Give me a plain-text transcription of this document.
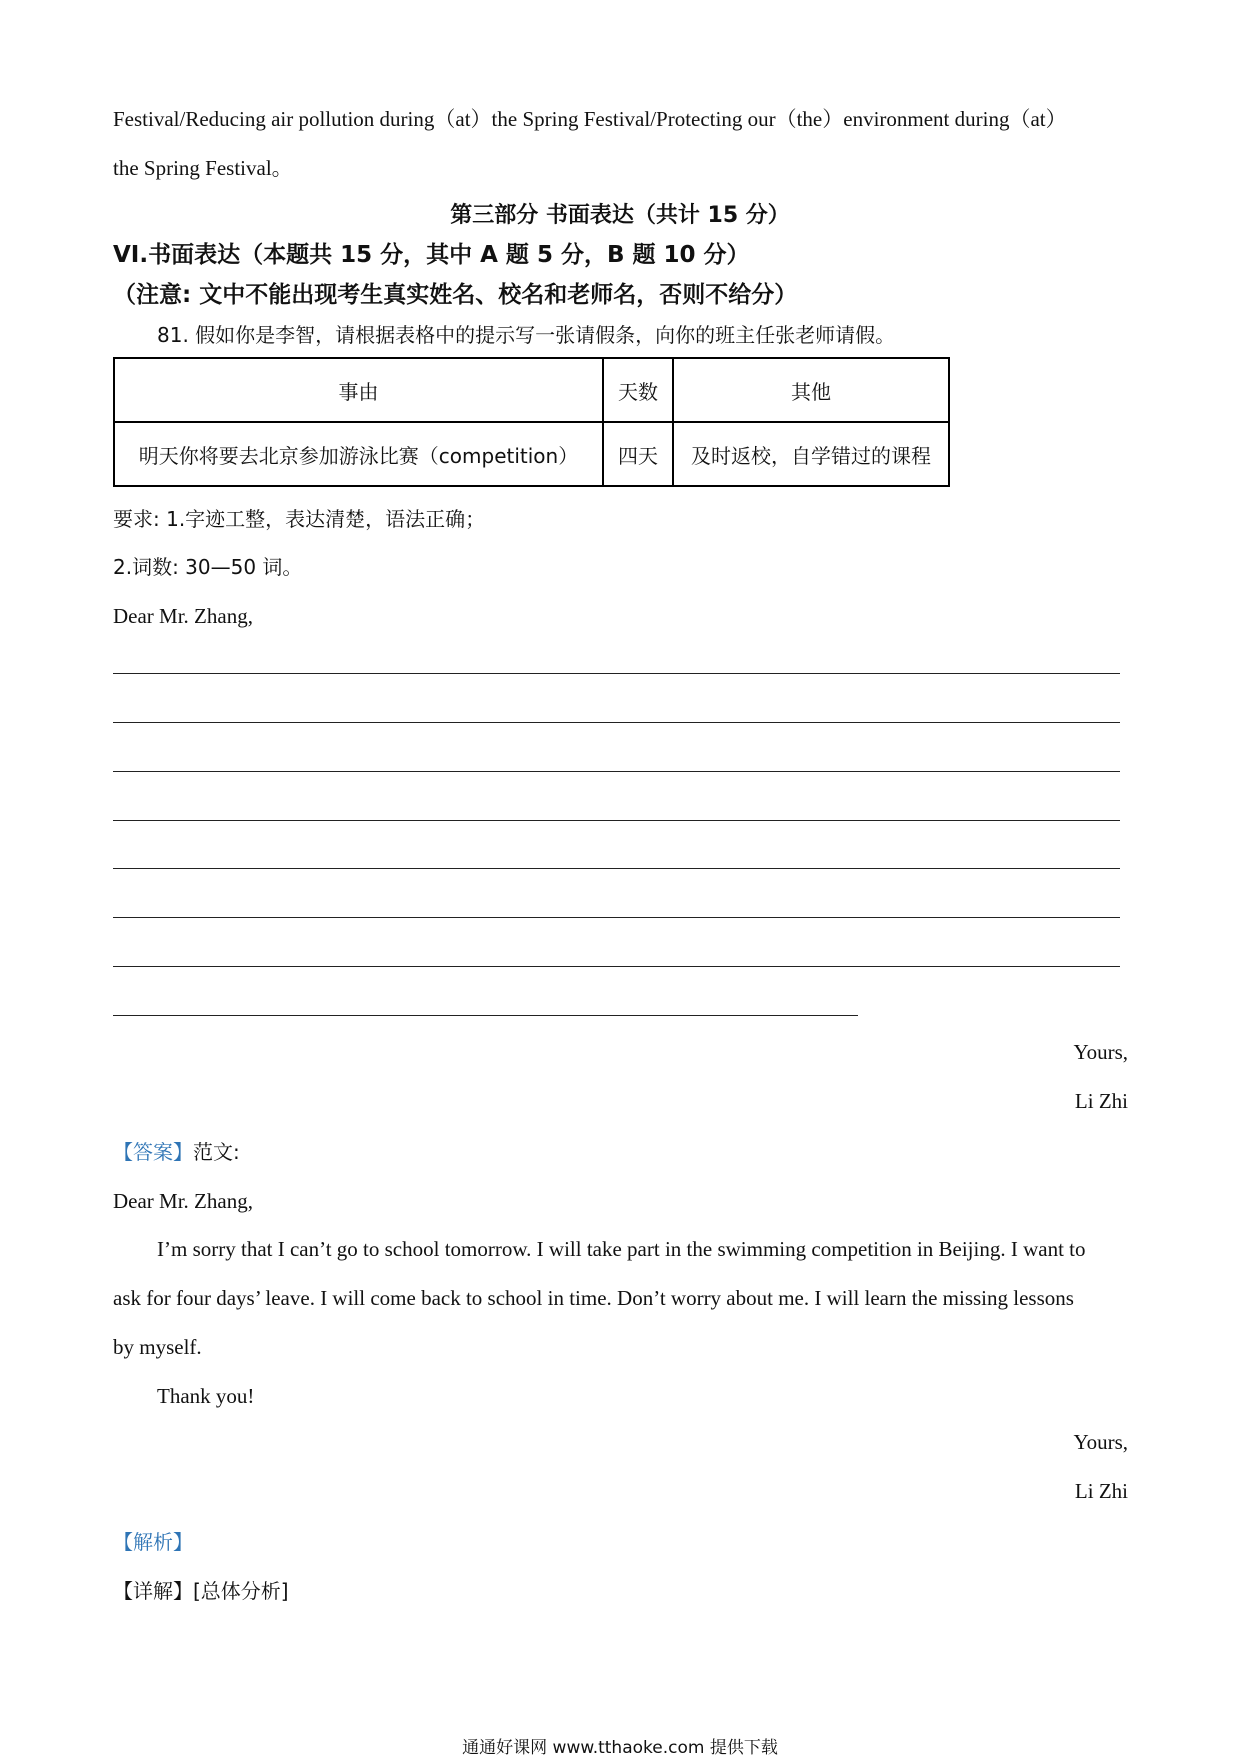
Festival/Reducing air pollution during（at）the Spring Festival/Protecting our（the）environment during（at）
the Spring Festival。
第三部分 书面表达（共计 15 分）
VI.书面表达（本题共 15 分，其中 A 题 5 分，B 题 10 分）
（注意: 文中不能出现考生真实姓名、校名和老师名，否则不给分）
81. 假如你是李智，请根据表格中的提示写一张请假条，向你的班主任张老师请假。
事由	天数	其他
明天你将要去北京参加游泳比赛（competition）	四天	及时返校，自学错过的课程
要求: 1.字迹工整，表达清楚，语法正确；
2.词数: 30—50 词。
Dear Mr. Zhang,
Yours,
Li Zhi
【答案】范文:
Dear Mr. Zhang,
I’m sorry that I can’t go to school tomorrow. I will take part in the swimming competition in Beijing. I want to
ask for four days’ leave. I will come back to school in time. Don’t worry about me. I will learn the missing lessons
by myself.
Thank you!
Yours,
Li Zhi
【解析】
【详解】[总体分析]
通通好课网 www.tthaoke.com 提供下载
